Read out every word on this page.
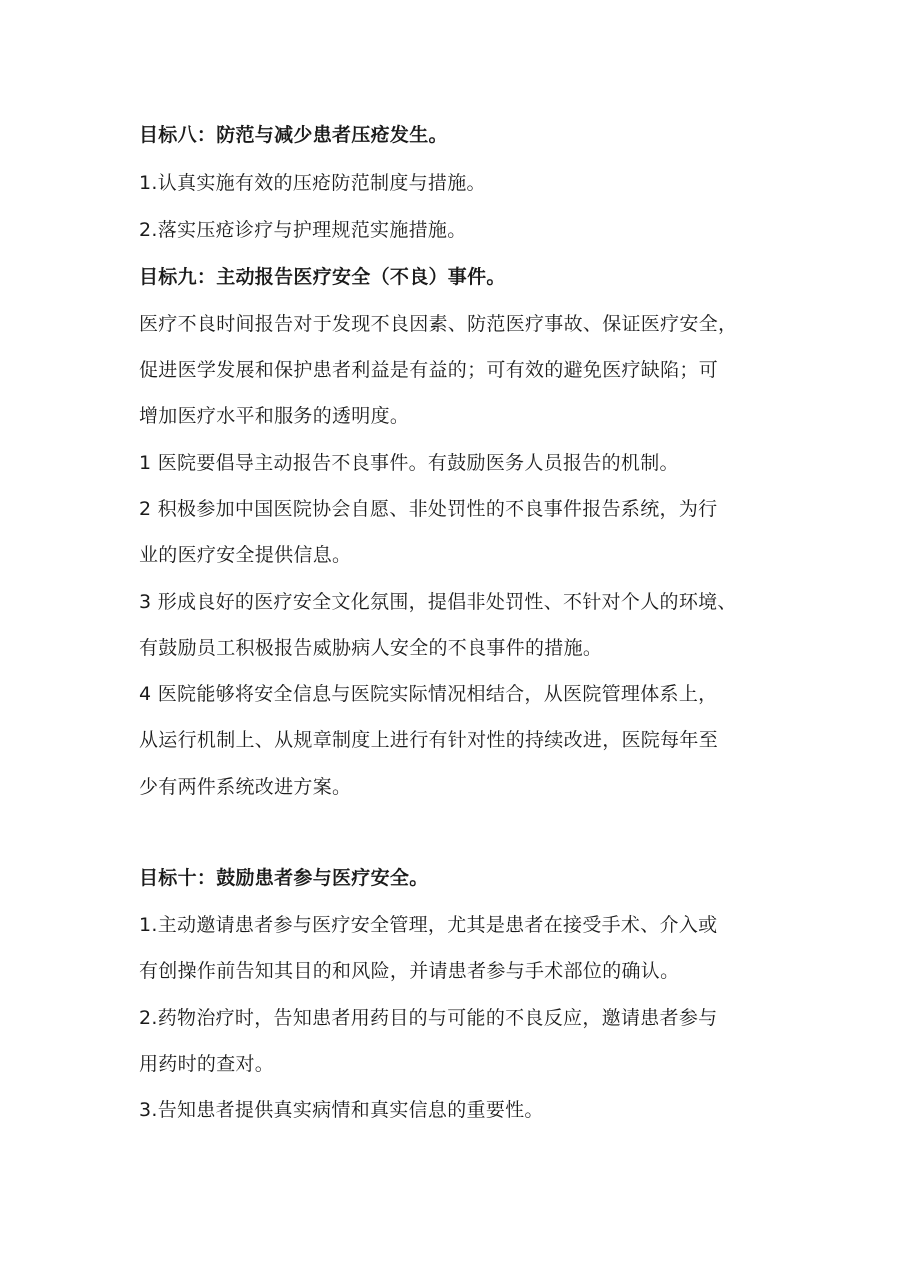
目标八：防范与减少患者压疮发生。
1.认真实施有效的压疮防范制度与措施。
2.落实压疮诊疗与护理规范实施措施。
目标九：主动报告医疗安全（不良）事件。
医疗不良时间报告对于发现不良因素、防范医疗事故、保证医疗安全，
促进医学发展和保护患者利益是有益的；可有效的避免医疗缺陷；可
增加医疗水平和服务的透明度。
1 医院要倡导主动报告不良事件。有鼓励医务人员报告的机制。
2 积极参加中国医院协会自愿、非处罚性的不良事件报告系统，为行
业的医疗安全提供信息。
3 形成良好的医疗安全文化氛围，提倡非处罚性、不针对个人的环境、
有鼓励员工积极报告威胁病人安全的不良事件的措施。
4 医院能够将安全信息与医院实际情况相结合，从医院管理体系上，
从运行机制上、从规章制度上进行有针对性的持续改进，医院每年至
少有两件系统改进方案。
目标十：鼓励患者参与医疗安全。
1.主动邀请患者参与医疗安全管理，尤其是患者在接受手术、介入或
有创操作前告知其目的和风险，并请患者参与手术部位的确认。
2.药物治疗时，告知患者用药目的与可能的不良反应，邀请患者参与
用药时的查对。
3.告知患者提供真实病情和真实信息的重要性。
